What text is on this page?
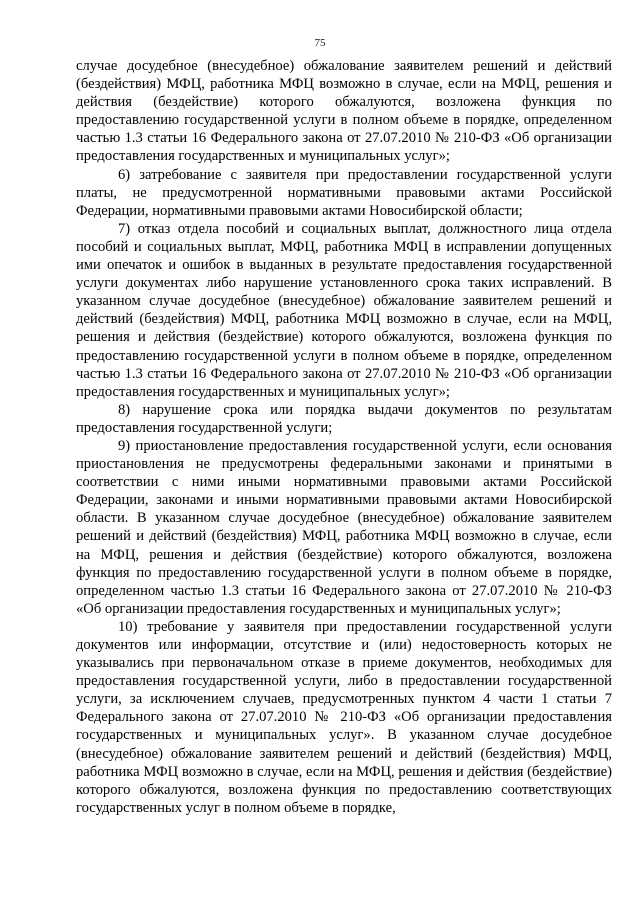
75

случае досудебное (внесудебное) обжалование заявителем решений и действий (бездействия) МФЦ, работника МФЦ возможно в случае, если на МФЦ, решения и действия (бездействие) которого обжалуются, возложена функция по предоставлению государственной услуги в полном объеме в порядке, определенном частью 1.3 статьи 16 Федерального закона от 27.07.2010 № 210-ФЗ «Об организации предоставления государственных и муниципальных услуг»;

6) затребование с заявителя при предоставлении государственной услуги платы, не предусмотренной нормативными правовыми актами Российской Федерации, нормативными правовыми актами Новосибирской области;

7) отказ отдела пособий и социальных выплат, должностного лица отдела пособий и социальных выплат, МФЦ, работника МФЦ в исправлении допущенных ими опечаток и ошибок в выданных в результате предоставления государственной услуги документах либо нарушение установленного срока таких исправлений. В указанном случае досудебное (внесудебное) обжалование заявителем решений и действий (бездействия) МФЦ, работника МФЦ возможно в случае, если на МФЦ, решения и действия (бездействие) которого обжалуются, возложена функция по предоставлению государственной услуги в полном объеме в порядке, определенном частью 1.3 статьи 16 Федерального закона от 27.07.2010 № 210-ФЗ «Об организации предоставления государственных и муниципальных услуг»;

8) нарушение срока или порядка выдачи документов по результатам предоставления государственной услуги;

9) приостановление предоставления государственной услуги, если основания приостановления не предусмотрены федеральными законами и принятыми в соответствии с ними иными нормативными правовыми актами Российской Федерации, законами и иными нормативными правовыми актами Новосибирской области. В указанном случае досудебное (внесудебное) обжалование заявителем решений и действий (бездействия) МФЦ, работника МФЦ возможно в случае, если на МФЦ, решения и действия (бездействие) которого обжалуются, возложена функция по предоставлению государственной услуги в полном объеме в порядке, определенном частью 1.3 статьи 16 Федерального закона от 27.07.2010 № 210-ФЗ «Об организации предоставления государственных и муниципальных услуг»;

10) требование у заявителя при предоставлении государственной услуги документов или информации, отсутствие и (или) недостоверность которых не указывались при первоначальном отказе в приеме документов, необходимых для предоставления государственной услуги, либо в предоставлении государственной услуги, за исключением случаев, предусмотренных пунктом 4 части 1 статьи 7 Федерального закона от 27.07.2010 № 210-ФЗ «Об организации предоставления государственных и муниципальных услуг». В указанном случае досудебное (внесудебное) обжалование заявителем решений и действий (бездействия) МФЦ, работника МФЦ возможно в случае, если на МФЦ, решения и действия (бездействие) которого обжалуются, возложена функция по предоставлению соответствующих государственных услуг в полном объеме в порядке,
